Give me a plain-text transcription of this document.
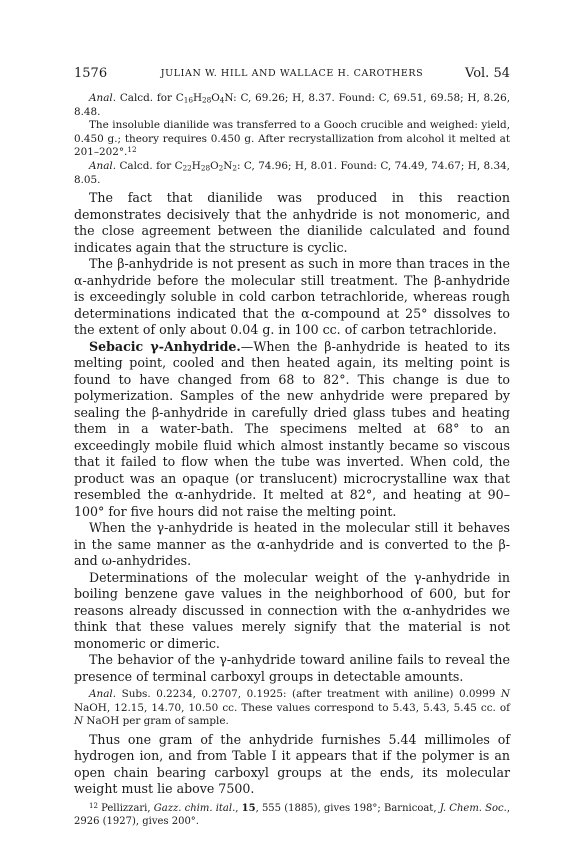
1576	JULIAN W. HILL AND WALLACE H. CAROTHERS	Vol. 54

Anal. Calcd. for $C_{16}H_{28}O_4N$: C, 69.26; H, 8.37. Found: C, 69.51, 69.58; H, 8.26, 8.48.

The insoluble dianilide was transferred to a Gooch crucible and weighed: yield, 0.450 g.; theory requires 0.450 g. After recrystallization from alcohol it melted at 201–202°.$^{12}$

Anal. Calcd. for $C_{22}H_{28}O_2N_2$: C, 74.96; H, 8.01. Found: C, 74.49, 74.67; H, 8.34, 8.05.

The fact that dianilide was produced in this reaction demonstrates decisively that the anhydride is not monomeric, and the close agreement between the dianilide calculated and found indicates again that the structure is cyclic.

The β-anhydride is not present as such in more than traces in the α-anhydride before the molecular still treatment. The β-anhydride is exceedingly soluble in cold carbon tetrachloride, whereas rough determinations indicated that the α-compound at 25° dissolves to the extent of only about 0.04 g. in 100 cc. of carbon tetrachloride.

Sebacic γ-Anhydride.—When the β-anhydride is heated to its melting point, cooled and then heated again, its melting point is found to have changed from 68 to 82°. This change is due to polymerization. Samples of the new anhydride were prepared by sealing the β-anhydride in carefully dried glass tubes and heating them in a water-bath. The specimens melted at 68° to an exceedingly mobile fluid which almost instantly became so viscous that it failed to flow when the tube was inverted. When cold, the product was an opaque (or translucent) microcrystalline wax that resembled the α-anhydride. It melted at 82°, and heating at 90–100° for five hours did not raise the melting point.

When the γ-anhydride is heated in the molecular still it behaves in the same manner as the α-anhydride and is converted to the β- and ω-anhydrides.

Determinations of the molecular weight of the γ-anhydride in boiling benzene gave values in the neighborhood of 600, but for reasons already discussed in connection with the α-anhydrides we think that these values merely signify that the material is not monomeric or dimeric.

The behavior of the γ-anhydride toward aniline fails to reveal the presence of terminal carboxyl groups in detectable amounts.

Anal. Subs. 0.2234, 0.2707, 0.1925: (after treatment with aniline) 0.0999 N NaOH, 12.15, 14.70, 10.50 cc. These values correspond to 5.43, 5.43, 5.45 cc. of N NaOH per gram of sample.

Thus one gram of the anhydride furnishes 5.44 millimoles of hydrogen ion, and from Table I it appears that if the polymer is an open chain bearing carboxyl groups at the ends, its molecular weight must lie above 7500.

$^{12}$ Pellizzari, Gazz. chim. ital., 15, 555 (1885), gives 198°; Barnicoat, J. Chem. Soc., 2926 (1927), gives 200°.
